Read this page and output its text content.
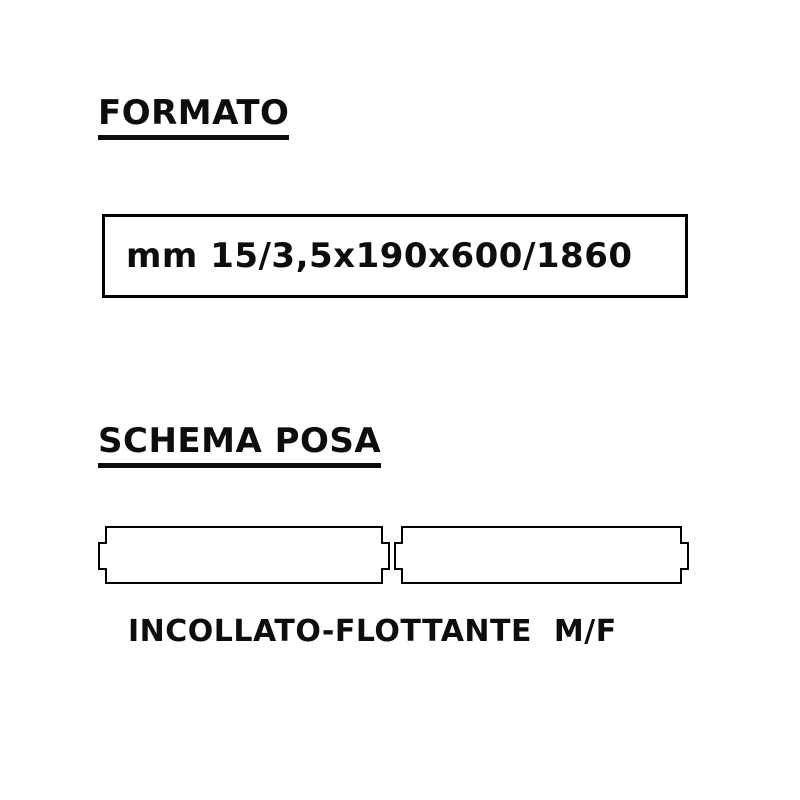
FORMATO
mm 15/3,5x190x600/1860
SCHEMA POSA
INCOLLATO-FLOTTANTE  M/F
